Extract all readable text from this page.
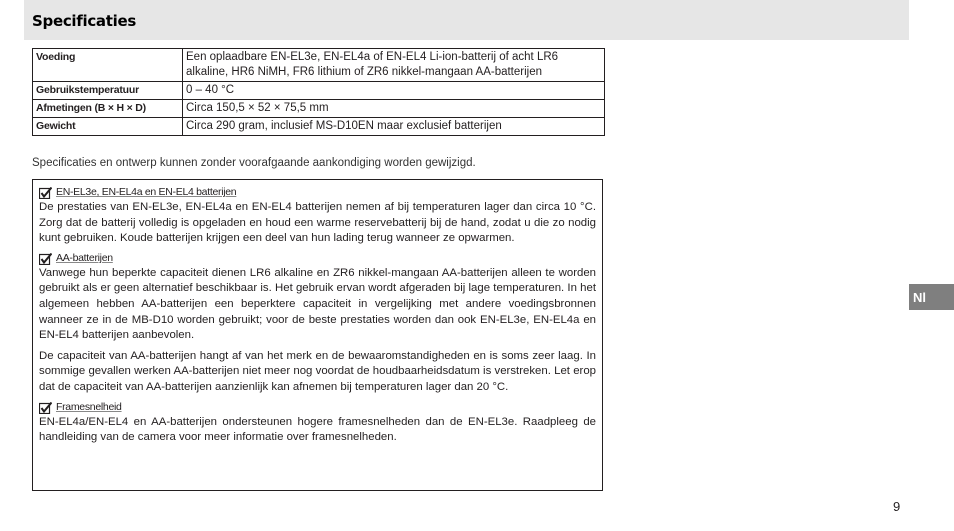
Specificaties
Voeding	Een oplaadbare EN-EL3e, EN-EL4a of EN-EL4 Li-ion-batterij of acht LR6 alkaline, HR6 NiMH, FR6 lithium of ZR6 nikkel-mangaan AA-batterijen
Gebruikstemperatuur	0 – 40 °C
Afmetingen (B × H × D)	Circa 150,5 × 52 × 75,5 mm
Gewicht	Circa 290 gram, inclusief MS-D10EN maar exclusief batterijen
Specificaties en ontwerp kunnen zonder voorafgaande aankondiging worden gewijzigd.
EN-EL3e, EN-EL4a en EN-EL4 batterijen

De prestaties van EN-EL3e, EN-EL4a en EN-EL4 batterijen nemen af bij temperaturen lager dan circa 10 °C. Zorg dat de batterij volledig is opgeladen en houd een warme reservebatterij bij de hand, zodat u die zo nodig kunt gebruiken. Koude batterijen krijgen een deel van hun lading terug wanneer ze opwarmen.

AA-batterijen

Vanwege hun beperkte capaciteit dienen LR6 alkaline en ZR6 nikkel-mangaan AA-batterijen alleen te worden gebruikt als er geen alternatief beschikbaar is. Het gebruik ervan wordt afgeraden bij lage temperaturen. In het algemeen hebben AA-batterijen een beperktere capaciteit in vergelijking met andere voedingsbronnen wanneer ze in de MB-D10 worden gebruikt; voor de beste prestaties worden dan ook EN-EL3e, EN-EL4a en EN-EL4 batterijen aanbevolen.

De capaciteit van AA-batterijen hangt af van het merk en de bewaaromstandigheden en is soms zeer laag. In sommige gevallen werken AA-batterijen niet meer nog voordat de houdbaarheidsdatum is verstreken. Let erop dat de capaciteit van AA-batterijen aanzienlijk kan afnemen bij temperaturen lager dan 20 °C.

Framesnelheid

EN-EL4a/EN-EL4 en AA-batterijen ondersteunen hogere framesnelheden dan de EN-EL3e. Raadpleeg de handleiding van de camera voor meer informatie over framesnelheden.

Nl
9
